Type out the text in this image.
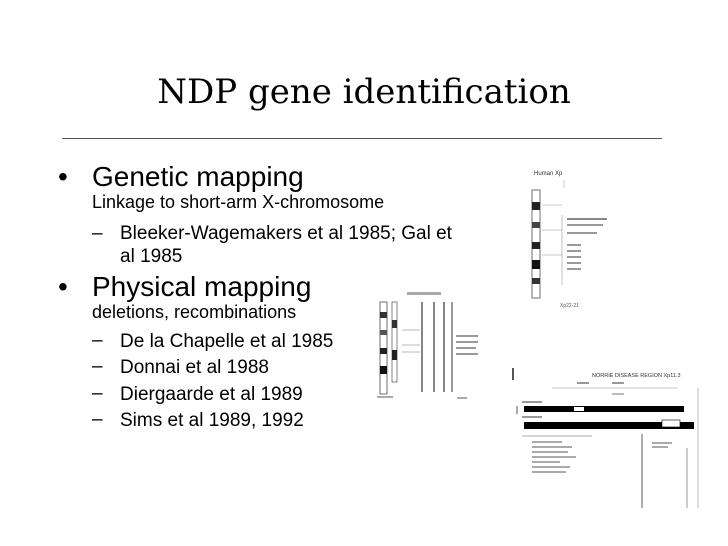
NDP gene identification
• Genetic mapping
Linkage to short-arm X-chromosome
– Bleeker-Wagemakers et al 1985; Gal et
al 1985
• Physical mapping
deletions, recombinations
– De la Chapelle et al 1985
– Donnai et al 1988
– Diergaarde et al 1989
– Sims et al 1989, 1992
Human Xp
Xp22-21
NORRIE DISEASE REGION Xp11.3
